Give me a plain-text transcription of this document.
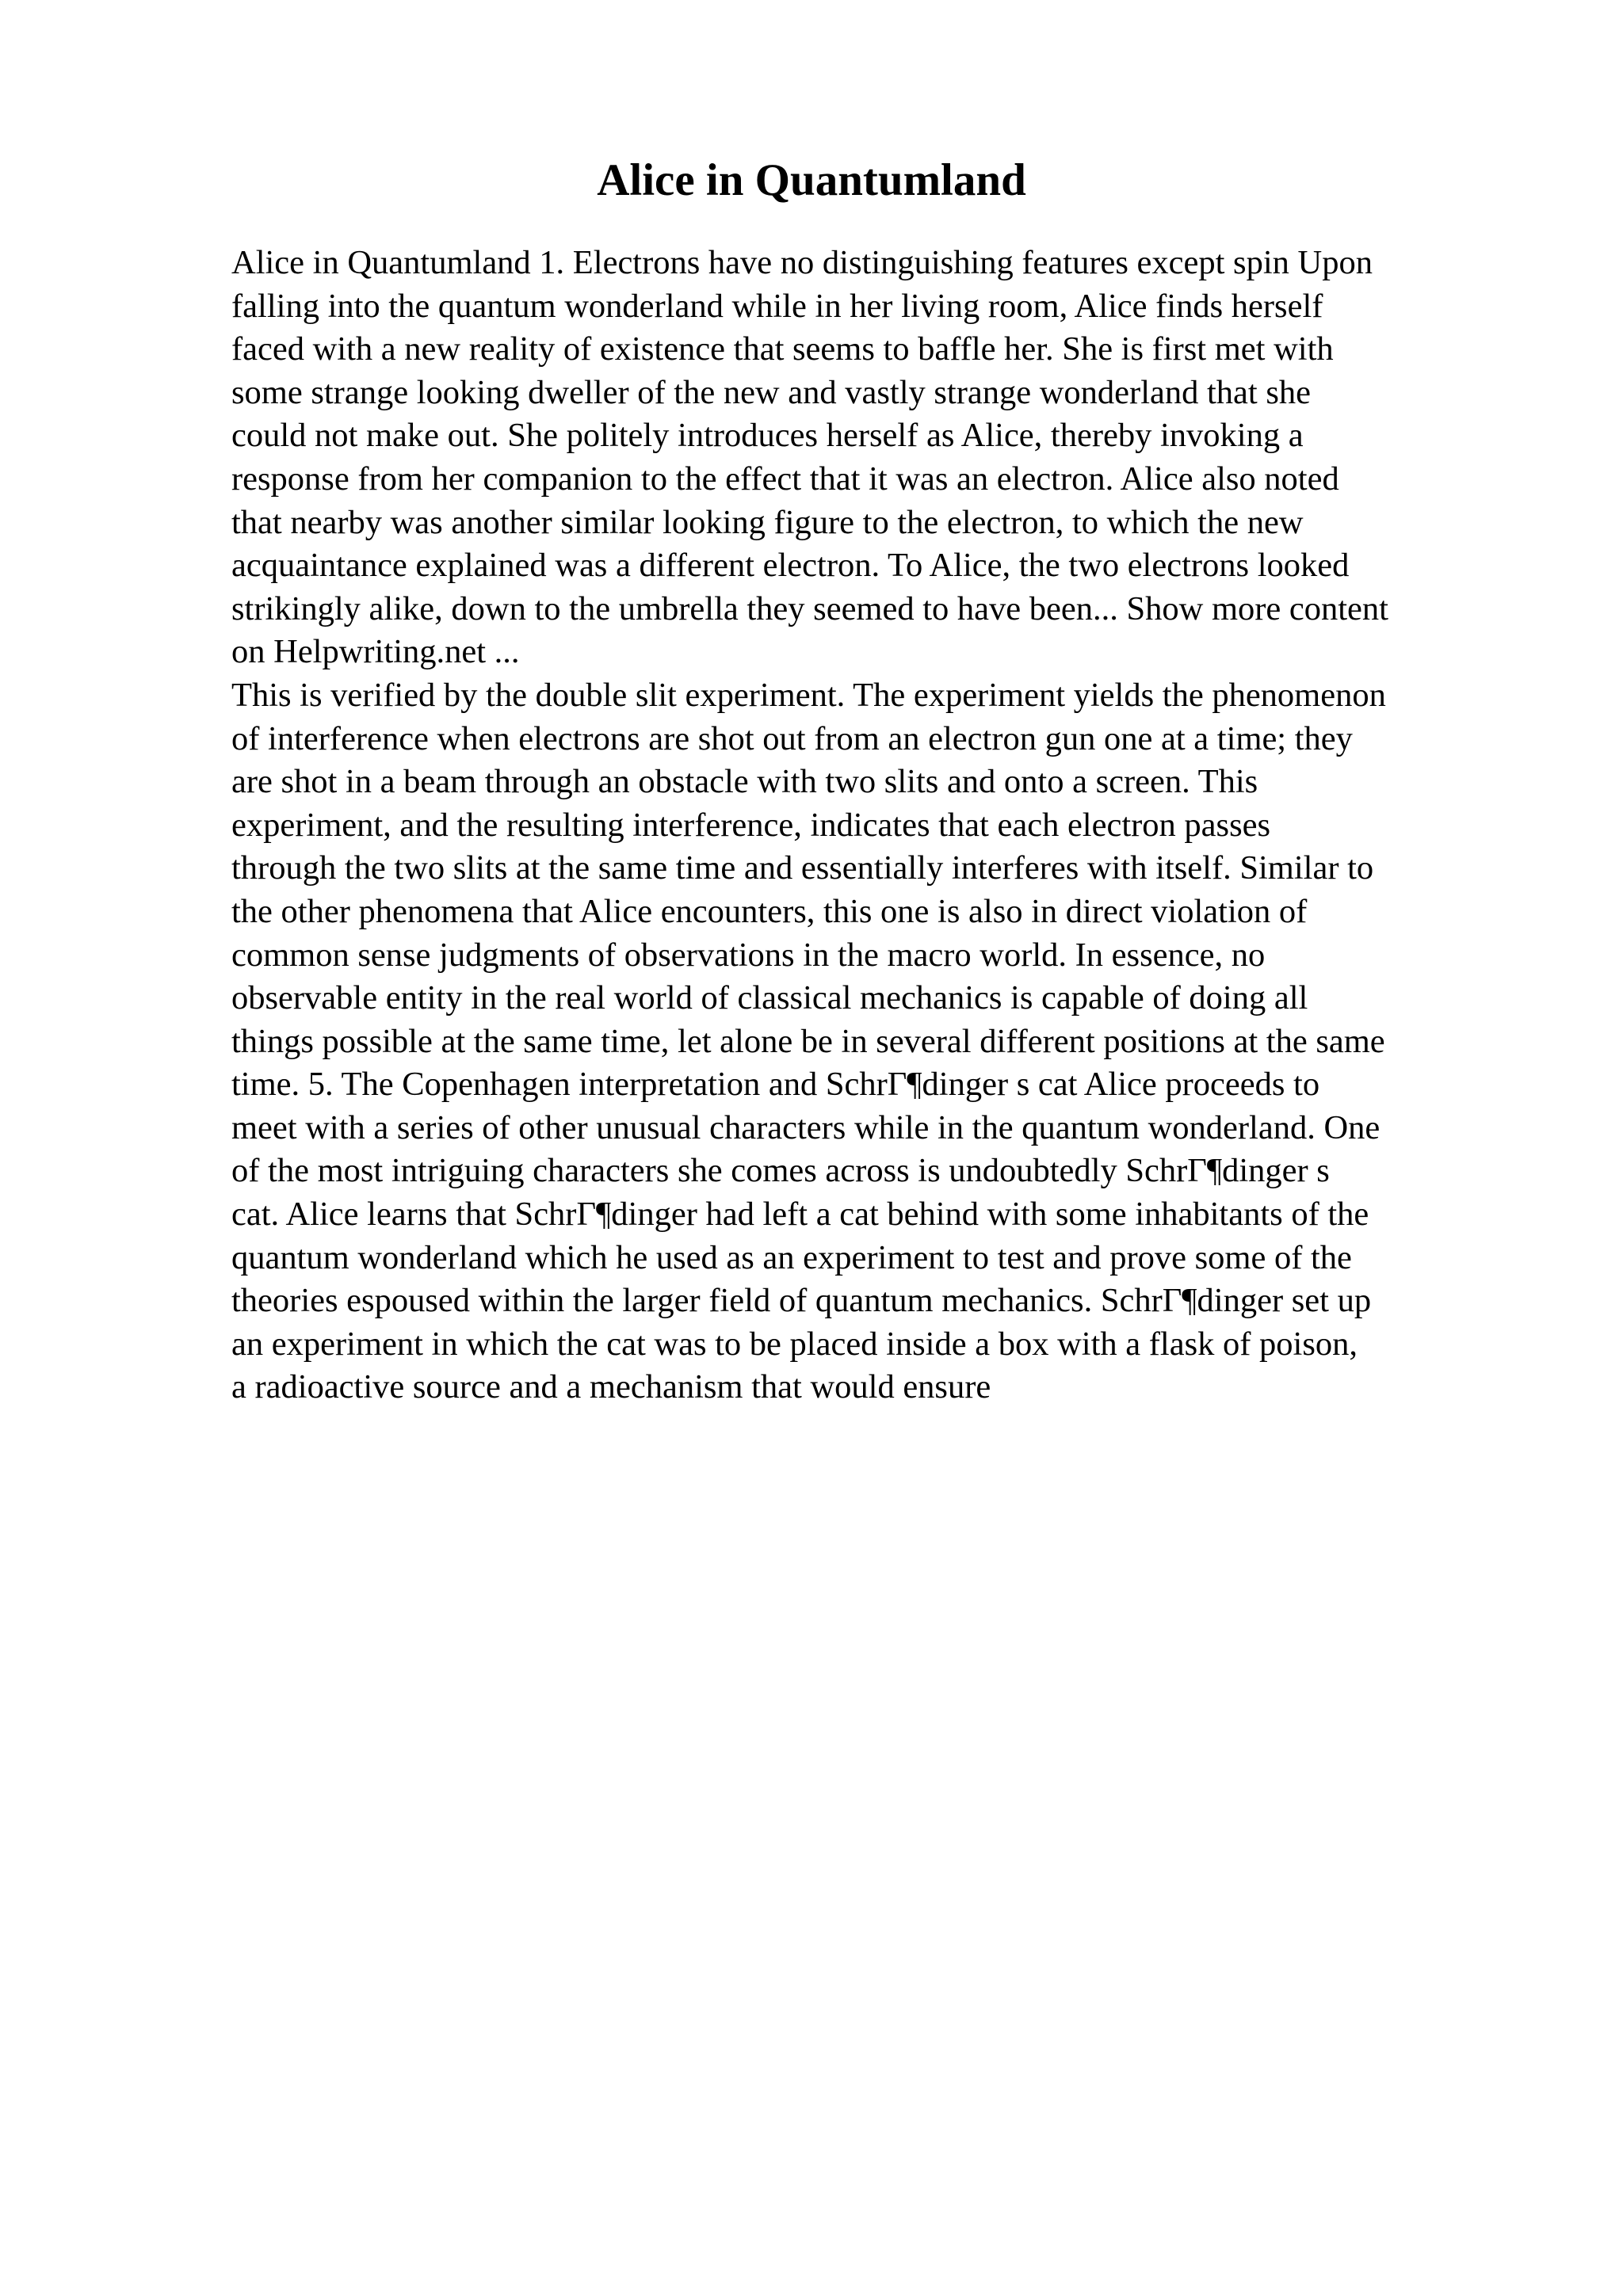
Alice in Quantumland
Alice in Quantumland 1. Electrons have no distinguishing features except spin Upon
falling into the quantum wonderland while in her living room, Alice finds herself
faced with a new reality of existence that seems to baffle her. She is first met with
some strange looking dweller of the new and vastly strange wonderland that she
could not make out. She politely introduces herself as Alice, thereby invoking a
response from her companion to the effect that it was an electron. Alice also noted
that nearby was another similar looking figure to the electron, to which the new
acquaintance explained was a different electron. To Alice, the two electrons looked
strikingly alike, down to the umbrella they seemed to have been... Show more content
on Helpwriting.net ...
This is verified by the double slit experiment. The experiment yields the phenomenon
of interference when electrons are shot out from an electron gun one at a time; they
are shot in a beam through an obstacle with two slits and onto a screen. This
experiment, and the resulting interference, indicates that each electron passes
through the two slits at the same time and essentially interferes with itself. Similar to
the other phenomena that Alice encounters, this one is also in direct violation of
common sense judgments of observations in the macro world. In essence, no
observable entity in the real world of classical mechanics is capable of doing all
things possible at the same time, let alone be in several different positions at the same
time. 5. The Copenhagen interpretation and SchrΓ¶dinger s cat Alice proceeds to
meet with a series of other unusual characters while in the quantum wonderland. One
of the most intriguing characters she comes across is undoubtedly SchrΓ¶dinger s
cat. Alice learns that SchrΓ¶dinger had left a cat behind with some inhabitants of the
quantum wonderland which he used as an experiment to test and prove some of the
theories espoused within the larger field of quantum mechanics. SchrΓ¶dinger set up
an experiment in which the cat was to be placed inside a box with a flask of poison,
a radioactive source and a mechanism that would ensure
